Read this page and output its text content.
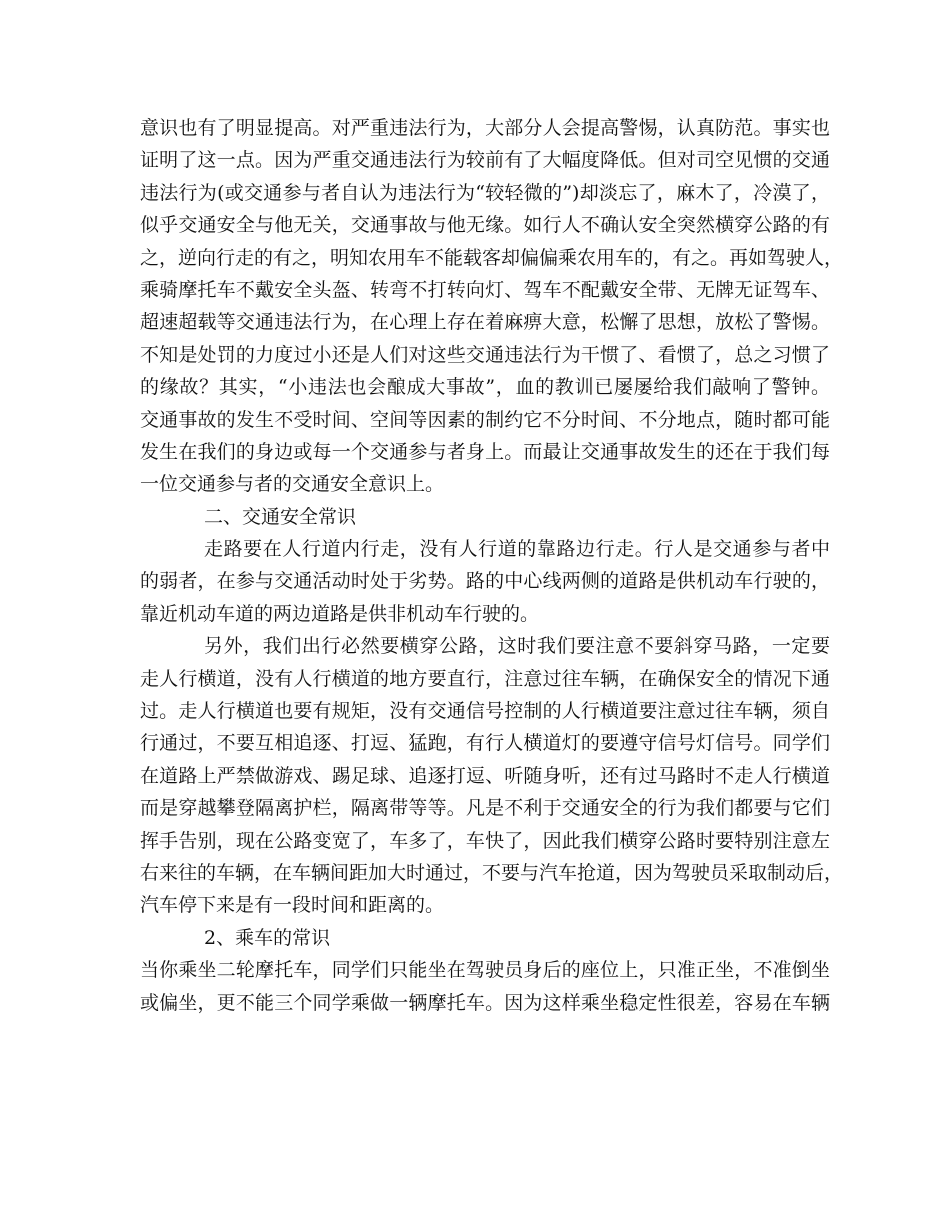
意识也有了明显提高。对严重违法行为，大部分人会提高警惕，认真防范。事实也
证明了这一点。因为严重交通违法行为较前有了大幅度降低。但对司空见惯的交通
违法行为(或交通参与者自认为违法行为“较轻微的”)却淡忘了，麻木了，冷漠了，
似乎交通安全与他无关，交通事故与他无缘。如行人不确认安全突然横穿公路的有
之，逆向行走的有之，明知农用车不能载客却偏偏乘农用车的，有之。再如驾驶人，
乘骑摩托车不戴安全头盔、转弯不打转向灯、驾车不配戴安全带、无牌无证驾车、
超速超载等交通违法行为，在心理上存在着麻痹大意，松懈了思想，放松了警惕。
不知是处罚的力度过小还是人们对这些交通违法行为干惯了、看惯了，总之习惯了
的缘故？其实，“小违法也会酿成大事故”，血的教训已屡屡给我们敲响了警钟。
交通事故的发生不受时间、空间等因素的制约它不分时间、不分地点，随时都可能
发生在我们的身边或每一个交通参与者身上。而最让交通事故发生的还在于我们每
一位交通参与者的交通安全意识上。
二、交通安全常识
走路要在人行道内行走，没有人行道的靠路边行走。行人是交通参与者中
的弱者，在参与交通活动时处于劣势。路的中心线两侧的道路是供机动车行驶的，
靠近机动车道的两边道路是供非机动车行驶的。
另外，我们出行必然要横穿公路，这时我们要注意不要斜穿马路，一定要
走人行横道，没有人行横道的地方要直行，注意过往车辆，在确保安全的情况下通
过。走人行横道也要有规矩，没有交通信号控制的人行横道要注意过往车辆，须自
行通过，不要互相追逐、打逗、猛跑，有行人横道灯的要遵守信号灯信号。同学们
在道路上严禁做游戏、踢足球、追逐打逗、听随身听，还有过马路时不走人行横道
而是穿越攀登隔离护栏，隔离带等等。凡是不利于交通安全的行为我们都要与它们
挥手告别，现在公路变宽了，车多了，车快了，因此我们横穿公路时要特别注意左
右来往的车辆，在车辆间距加大时通过，不要与汽车抢道，因为驾驶员采取制动后，
汽车停下来是有一段时间和距离的。
2、乘车的常识
当你乘坐二轮摩托车，同学们只能坐在驾驶员身后的座位上，只准正坐，不准倒坐
或偏坐，更不能三个同学乘做一辆摩托车。因为这样乘坐稳定性很差，容易在车辆
